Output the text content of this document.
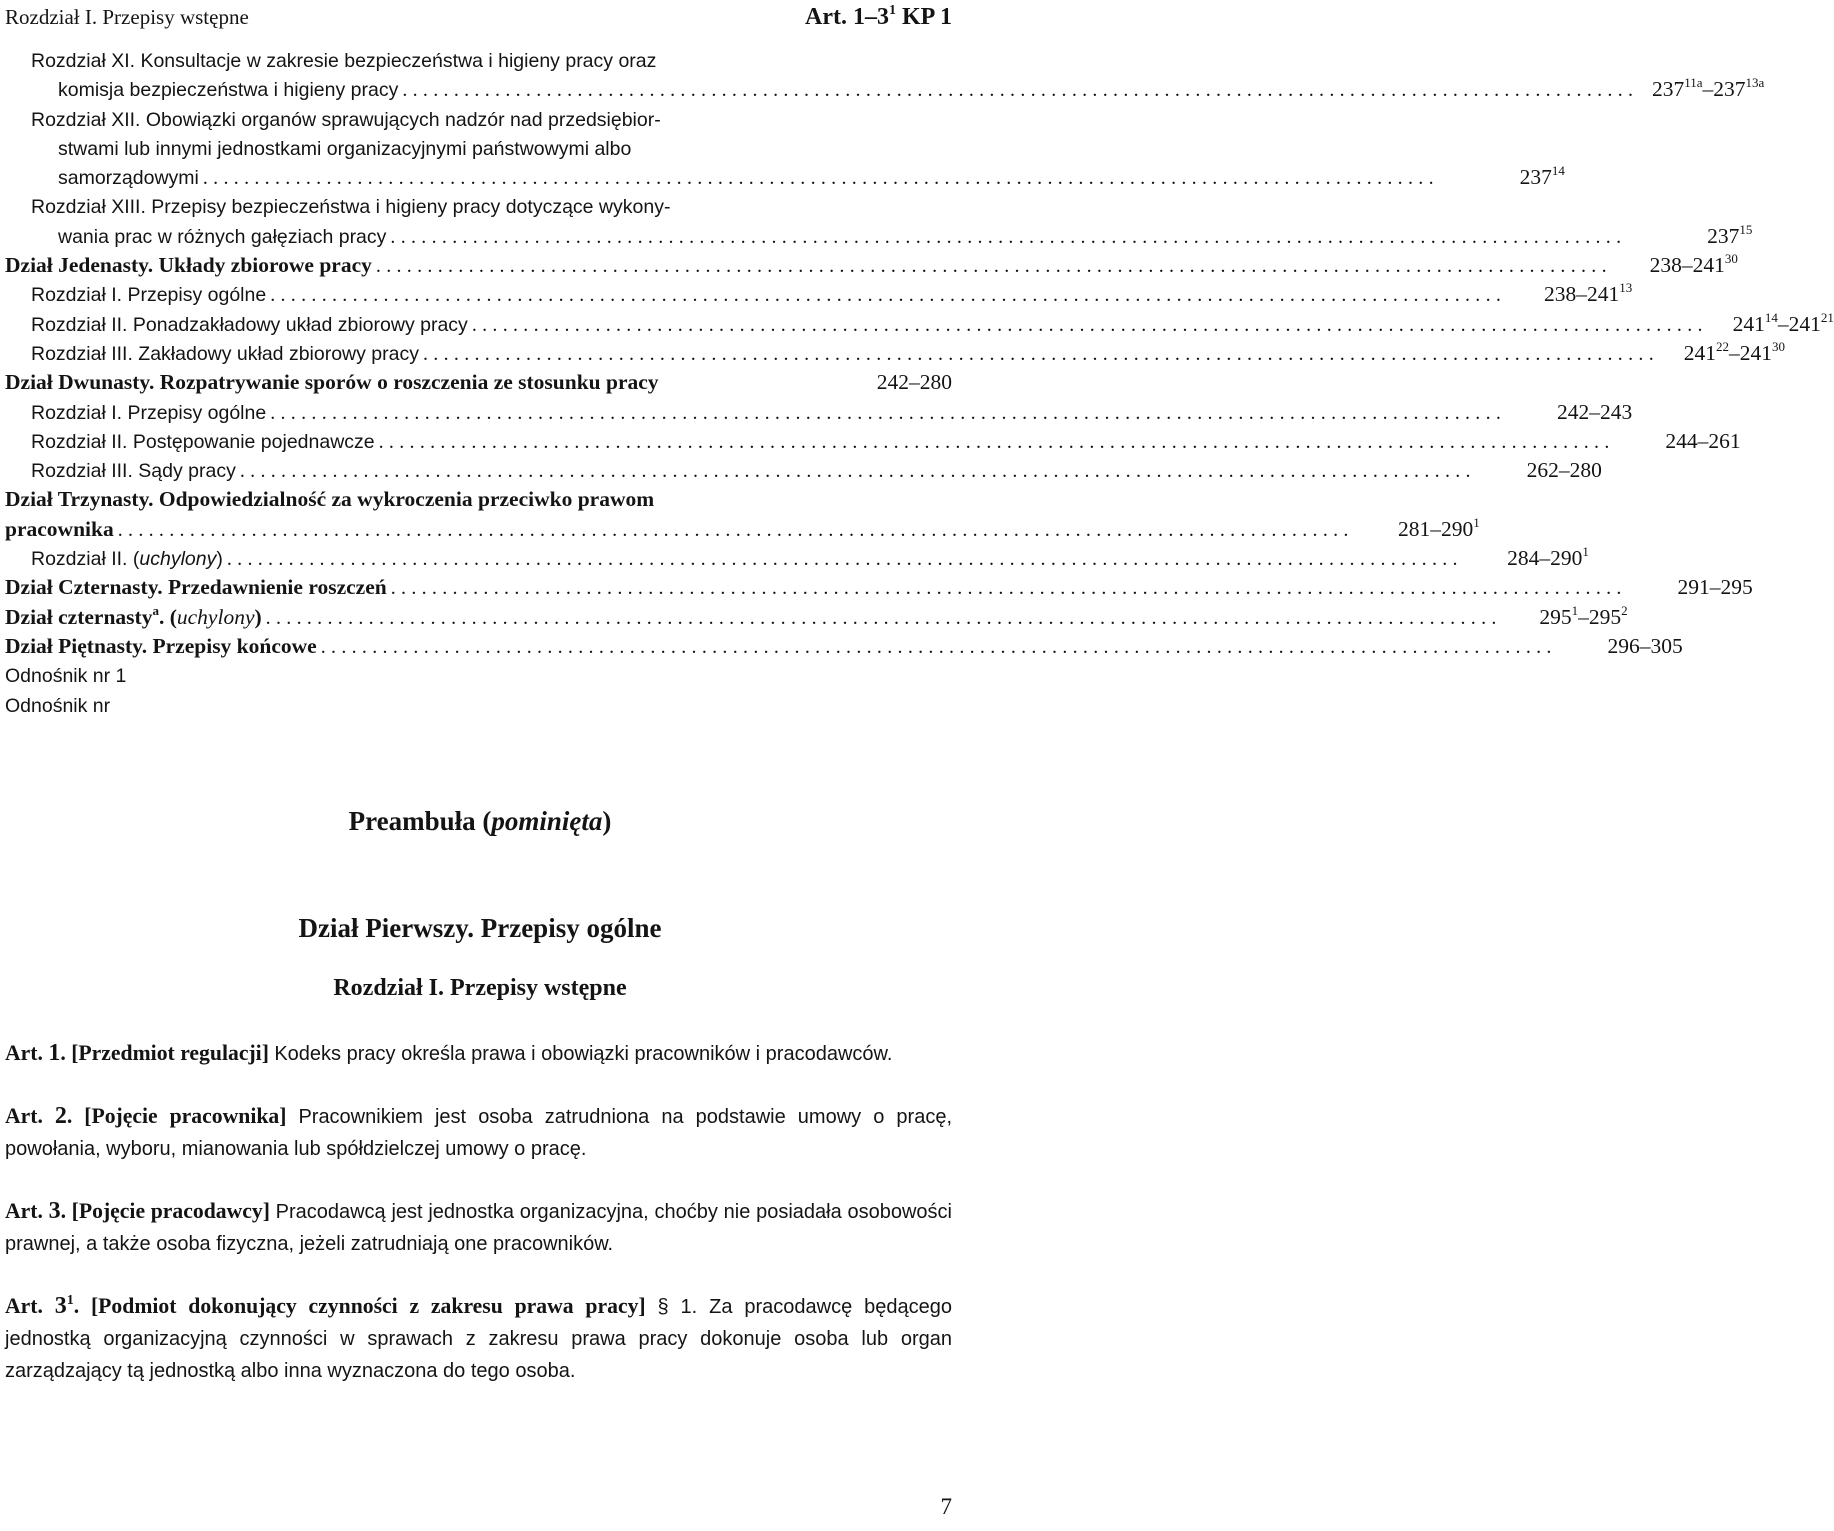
Rozdział I. Przepisy wstępne	Art. $1-3^1$ KP 1
Rozdział XI. Konsultacje w zakresie bezpieczeństwa i higieny pracy oraz
komisja bezpieczeństwa i higieny pracy ........................................................................................................................ $237^{11a}-237^{13a}$
Rozdział XII. Obowiązki organów sprawujących nadzór nad przedsiębior-
stwami lub innymi jednostkami organizacyjnymi państwowymi albo
samorządowymi ........................................................................................................................	$237^{14}$
Rozdział XIII. Przepisy bezpieczeństwa i higieny pracy dotyczące wykony-
wania prac w różnych gałęziach pracy ........................................................................................................................	$237^{15}$
Dział Jedenasty. Układy zbiorowe pracy ........................................................................................................................	$238-241^{30}$
Rozdział I. Przepisy ogólne ........................................................................................................................	$238-241^{13}$
Rozdział II. Ponadzakładowy układ zbiorowy pracy ........................................................................................................................	$241^{14}-241^{21}$
Rozdział III. Zakładowy układ zbiorowy pracy ........................................................................................................................	$241^{22}-241^{30}$
Dział Dwunasty. Rozpatrywanie sporów o roszczenia ze stosunku pracy	242–280
Rozdział I. Przepisy ogólne ........................................................................................................................	242–243
Rozdział II. Postępowanie pojednawcze ........................................................................................................................	244–261
Rozdział III. Sądy pracy ........................................................................................................................	262–280
Dział Trzynasty. Odpowiedzialność za wykroczenia przeciwko prawom
pracownika ........................................................................................................................	$281-290^1$
Rozdział II. (uchylony) ........................................................................................................................	$284-290^1$
Dział Czternasty. Przedawnienie roszczeń ........................................................................................................................	291–295
Dział czternasty$^a$. (uchylony) ........................................................................................................................	$295^1-295^2$
Dział Piętnasty. Przepisy końcowe ........................................................................................................................	296–305
Odnośnik nr 1
Odnośnik nr
Preambuła (pominięta)
Dział Pierwszy. Przepisy ogólne
Rozdział I. Przepisy wstępne

Art. 1. [Przedmiot regulacji] Kodeks pracy określa prawa i obowiązki pracowników i pracodawców.

Art. 2. [Pojęcie pracownika] Pracownikiem jest osoba zatrudniona na podstawie umowy o pracę, powołania, wyboru, mianowania lub spółdzielczej umowy o pracę.

Art. 3. [Pojęcie pracodawcy] Pracodawcą jest jednostka organizacyjna, choćby nie posiadała osobowości prawnej, a także osoba fizyczna, jeżeli zatrudniają one pracowników.

Art. $3^1$. [Podmiot dokonujący czynności z zakresu prawa pracy] § 1. Za pracodawcę będącego jednostką organizacyjną czynności w sprawach z zakresu prawa pracy dokonuje osoba lub organ zarządzający tą jednostką albo inna wyznaczona do tego osoba.

7
